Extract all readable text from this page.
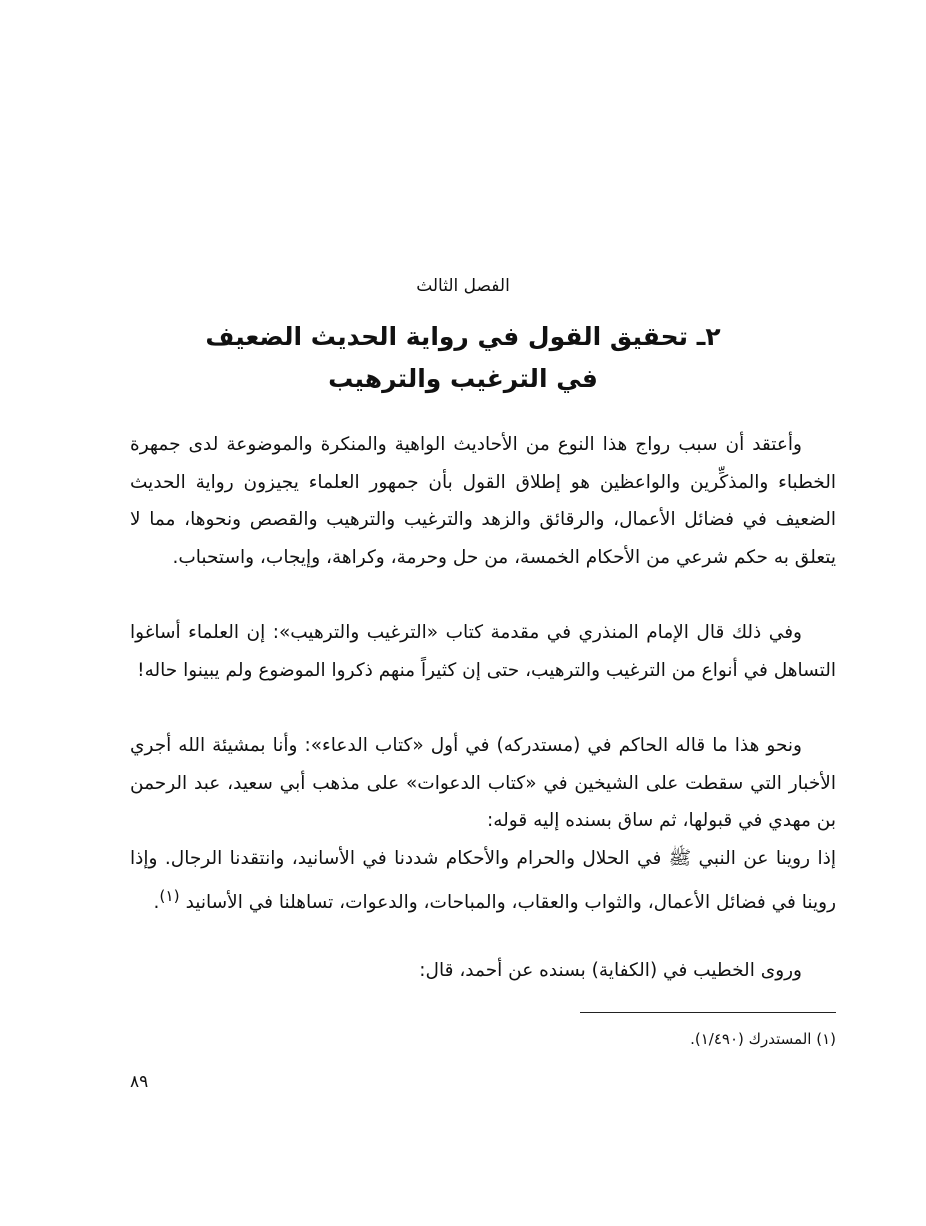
الفصل الثالث
٢ـ تحقيق القول في رواية الحديث الضعيف
في الترغيب والترهيب

وأعتقد أن سبب رواج هذا النوع من الأحاديث الواهية والمنكرة والموضوعة لدى جمهرة الخطباء والمذكِّرين والواعظين هو إطلاق القول بأن جمهور العلماء يجيزون رواية الحديث الضعيف في فضائل الأعمال، والرقائق والزهد والترغيب والترهيب والقصص ونحوها، مما لا يتعلق به حكم شرعي من الأحكام الخمسة، من حل وحرمة، وكراهة، وإيجاب، واستحباب.

وفي ذلك قال الإمام المنذري في مقدمة كتاب «الترغيب والترهيب»: إن العلماء أساغوا التساهل في أنواع من الترغيب والترهيب، حتى إن كثيراً منهم ذكروا الموضوع ولم يبينوا حاله!

ونحو هذا ما قاله الحاكم في (مستدركه) في أول «كتاب الدعاء»: وأنا بمشيئة الله أجري الأخبار التي سقطت على الشيخين في «كتاب الدعوات» على مذهب أبي سعيد، عبد الرحمن بن مهدي في قبولها، ثم ساق بسنده إليه قوله:

إذا روينا عن النبي ﷺ في الحلال والحرام والأحكام شددنا في الأسانيد، وانتقدنا الرجال. وإذا روينا في فضائل الأعمال، والثواب والعقاب، والمباحات، والدعوات، تساهلنا في الأسانيد $^{(١)}$.

وروى الخطيب في (الكفاية) بسنده عن أحمد، قال:

(١) المستدرك (١/٤٩٠).
٨٩
